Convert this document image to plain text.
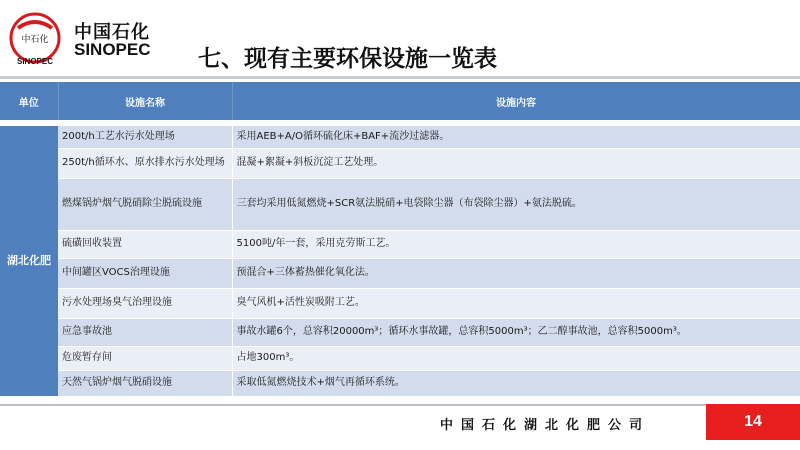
中石化
SINOPEC
中国石化
SINOPEC 七、现有主要环保设施一览表
单位	设施名称	设施内容

湖北化肥	200t/h工艺水污水处理场	采用AEB+A/O循环硫化床+BAF+流沙过滤器。
	250t/h循环水、原水排水污水处理场	混凝+絮凝+斜板沉淀工艺处理。
	燃煤锅炉烟气脱硝除尘脱硫设施	三套均采用低氮燃烧+SCR氨法脱硝+电袋除尘器（布袋除尘器）+氨法脱硫。
	硫磺回收装置	5100吨/年一套，采用克劳斯工艺。
	中间罐区VOCS治理设施	预混合+三体蓄热催化氧化法。
	污水处理场臭气治理设施	臭气风机+活性炭吸附工艺。
	应急事故池	事故水罐6个，总容积20000m³；循环水事故罐，总容积5000m³；乙二醇事故池，总容积5000m³。
	危废暂存间	占地300m³。
	天然气锅炉烟气脱硝设施	采取低氮燃烧技术+烟气再循环系统。
中国石化湖北化肥公司	14
